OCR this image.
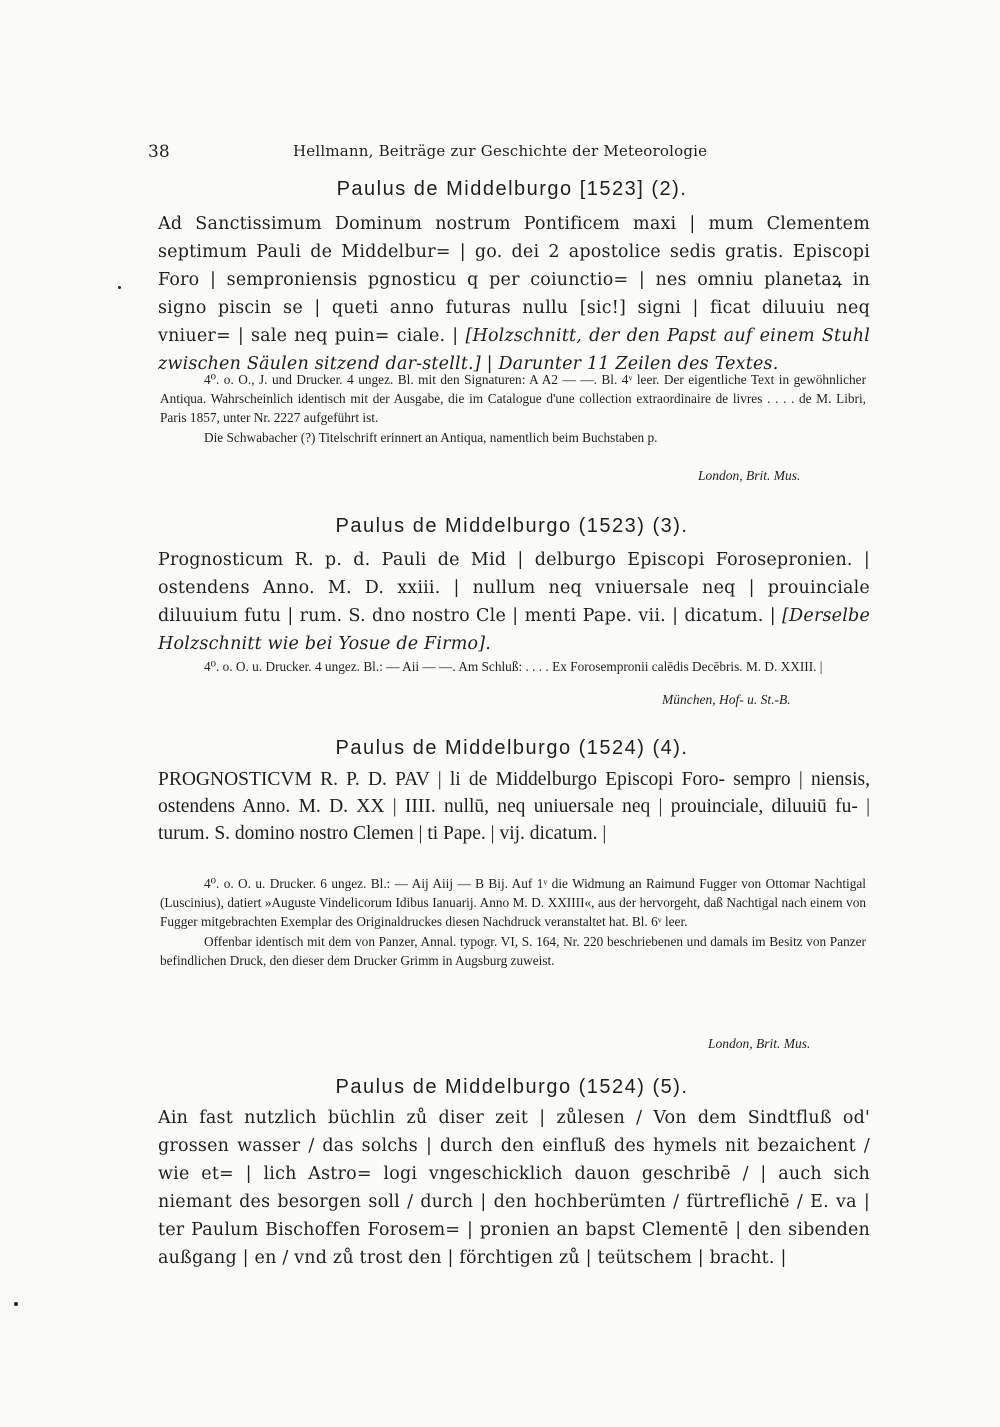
38	Hellmann, Beiträge zur Geschichte der Meteorologie
Paulus de Middelburgo [1523] (2).
Ad Sanctissimum Dominum nostrum Pontificem maxi | mum Clementem septimum Pauli de Middelbur= | go. dei 2 apostolice sedis gratis. Episcopi Foro | semproniensis pgnosticu q per coiunctio= | nes omniu planetaꝝ in signo piscin se | queti anno futuras nullu [sic!] signi | ficat diluuiu neq vniuer= | sale neq puin= ciale. | [Holzschnitt, der den Papst auf einem Stuhl zwischen Säulen sitzend dar-stellt.] | Darunter 11 Zeilen des Textes.
4⁰. o. O., J. und Drucker. 4 ungez. Bl. mit den Signaturen: A A2 — —. Bl. 4ᵛ leer. Der eigentliche Text in gewöhnlicher Antiqua. Wahrscheinlich identisch mit der Ausgabe, die im Catalogue d'une collection extraordinaire de livres . . . . de M. Libri, Paris 1857, unter Nr. 2227 aufgeführt ist.
Die Schwabacher (?) Titelschrift erinnert an Antiqua, namentlich beim Buchstaben p.
London, Brit. Mus.
Paulus de Middelburgo (1523) (3).
Prognosticum R. p. d. Pauli de Mid | delburgo Episcopi Forosepronien. | ostendens Anno. M. D. xxiii. | nullum neq vniuersale neq | prouinciale diluuium futu | rum. S. dno nostro Cle | menti Pape. vii. | dicatum. | [Derselbe Holzschnitt wie bei Yosue de Firmo].
4⁰. o. O. u. Drucker. 4 ungez. Bl.: — Aii — —. Am Schluß: . . . . Ex Forosempronii calēdis Decēbris. M. D. XXIII. |
München, Hof- u. St.-B.
Paulus de Middelburgo (1524) (4).
PROGNOSTICVM R. P. D. PAV | li de Middelburgo Episcopi Foro- sempro | niensis, ostendens Anno. M. D. XX | IIII. nullū, neq uniuersale neq | prouinciale, diluuiū fu- | turum. S. domino nostro Clemen | ti Pape. | vij. dicatum. |
4⁰. o. O. u. Drucker. 6 ungez. Bl.: — Aij Aiij — B Bij. Auf 1ᵛ die Widmung an Raimund Fugger von Ottomar Nachtigal (Luscinius), datiert »Auguste Vindelicorum Idibus Ianuarij. Anno M. D. XXIIII«, aus der hervorgeht, daß Nachtigal nach einem von Fugger mitgebrachten Exemplar des Originaldruckes diesen Nachdruck veranstaltet hat. Bl. 6ᵛ leer.
Offenbar identisch mit dem von Panzer, Annal. typogr. VI, S. 164, Nr. 220 beschriebenen und damals im Besitz von Panzer befindlichen Druck, den dieser dem Drucker Grimm in Augsburg zuweist.
London, Brit. Mus.
Paulus de Middelburgo (1524) (5).
Ain fast nutzlich büchlin zů diser zeit | zůlesen / Von dem Sindtfluß od' grossen wasser / das solchs | durch den einfluß des hymels nit bezaichent / wie et= | lich Astro= logi vngeschicklich dauon geschribē / | auch sich niemant des besorgen soll / durch | den hochberümten / fürtreflichē / E. va | ter Paulum Bischoffen Forosem= | pronien an bapst Clementē | den sibenden außgang | en / vnd zů trost den | förchtigen zů | teütschem | bracht. |
